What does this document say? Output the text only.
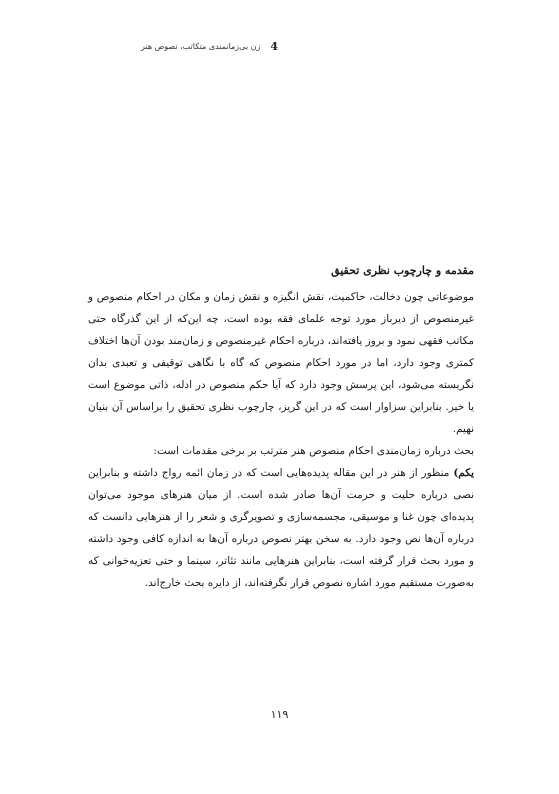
4
زن بی‌زمانمندی متکاتب، نصوص هنر

مقدمه و چارچوب نظری تحقیق

موضوعاتی چون دخالت، حاکمیت، نقش انگیزه و نقش زمان و مکان در احکام منصوص و غیرمنصوص از دیرباز مورد توجه علمای فقه بوده است، چه این‌که از این گذرگاه حتی مکاتب فقهی نمود و بروز یافته‌اند، درباره احکام غیرمنصوص و زمان‌مند بودن آن‌ها اختلاف کمتری وجود دارد، اما در مورد احکام منصوص که گاه با نگاهی توقیفی و تعبدی بدان نگریسته می‌شود، این پرسش وجود دارد که آیا حکم منصوص در ادله، ذاتی موضوع است یا خیر. بنابراین سزاوار است که در این گریز، چارچوب نظری تحقیق را براساس آن بنیان نهیم.

بحث درباره زمان‌مندی احکام منصوص هنر مترتب بر برخی مقدمات است:

یکم) منظور از هنر در این مقاله پدیده‌هایی است که در زمان ائمه رواج داشته و بنابراین نصی درباره حلیت و حرمت آن‌ها صادر شده است. از میان هنرهای موجود می‌توان پدیده‌ای چون غنا و موسیقی، مجسمه‌سازی و تصویرگری و شعر را از هنرهایی دانست که درباره آن‌ها نص وجود دارد. به سخن بهتر نصوص درباره آن‌ها به اندازه کافی وجود داشته و مورد بحث قرار گرفته است، بنابراین هنرهایی مانند تئاتر، سینما و حتی تعزیه‌خوانی که به‌صورت مستقیم مورد اشاره نصوص قرار نگرفته‌اند، از دایره بحث خارج‌اند.

۱۱۹
